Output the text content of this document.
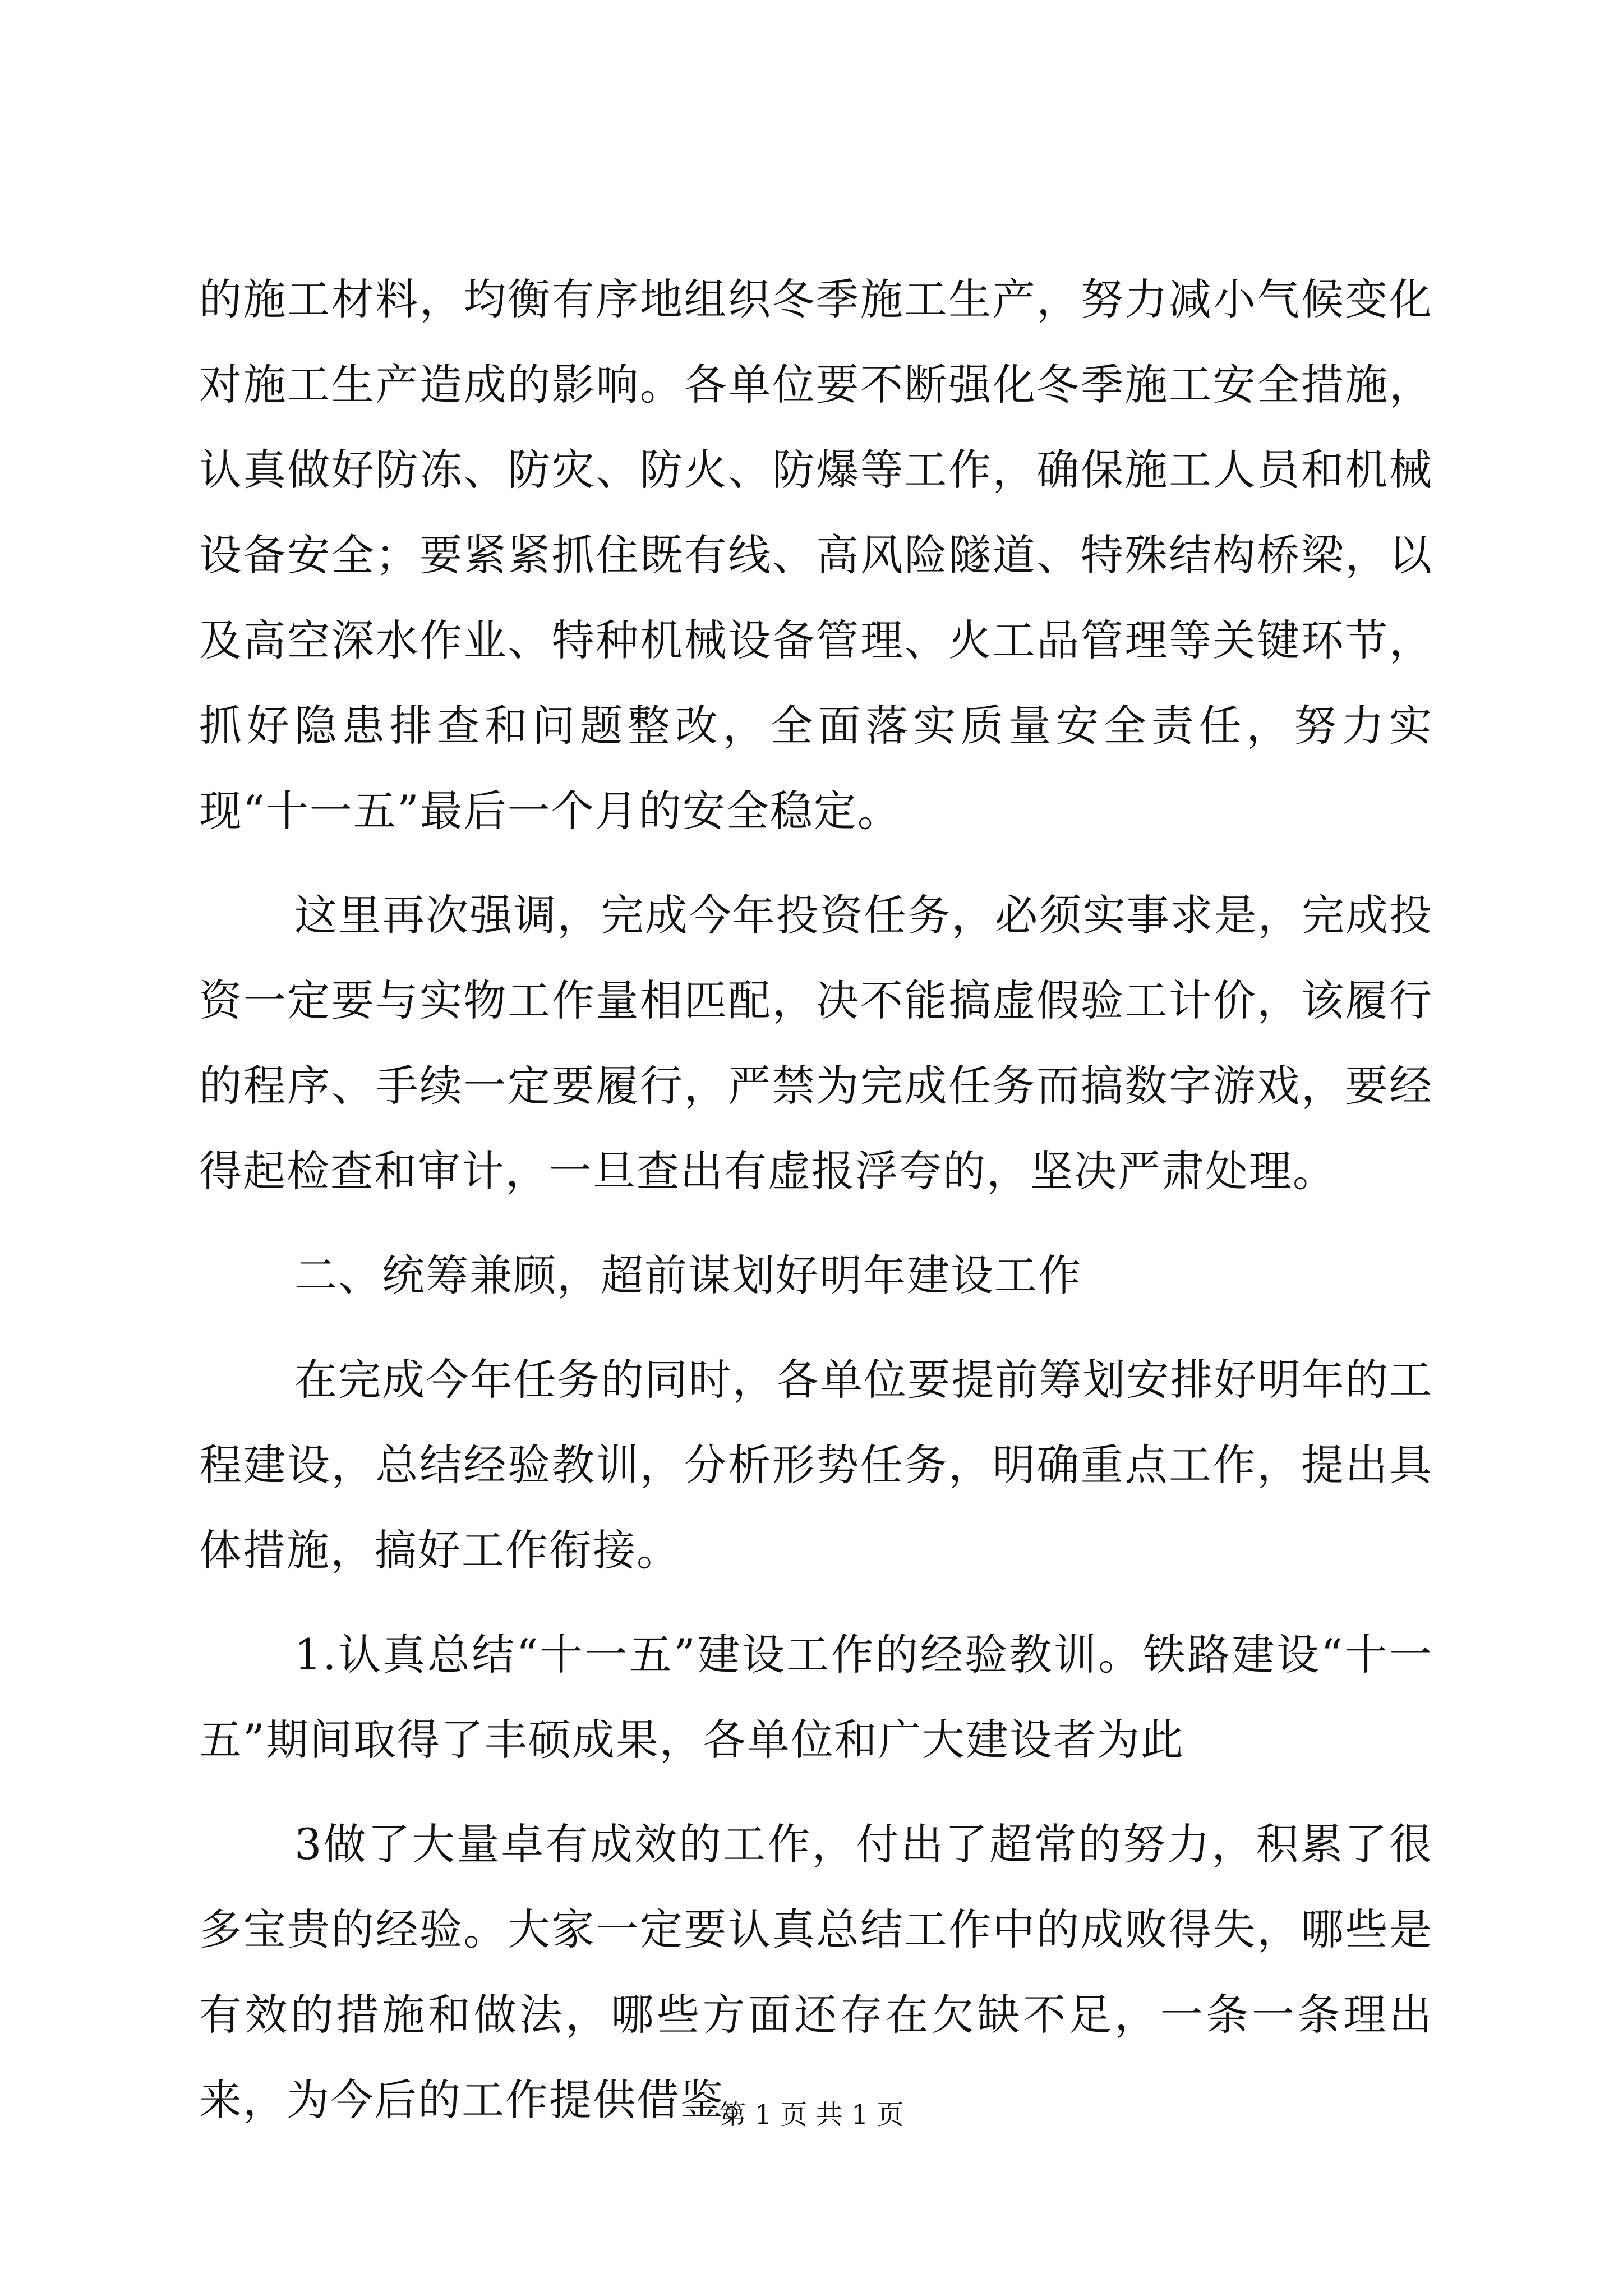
的施工材料，均衡有序地组织冬季施工生产，努力减小气候变化对施工生产造成的影响。各单位要不断强化冬季施工安全措施，认真做好防冻、防灾、防火、防爆等工作，确保施工人员和机械设备安全；要紧紧抓住既有线、高风险隧道、特殊结构桥梁，以及高空深水作业、特种机械设备管理、火工品管理等关键环节，抓好隐患排查和问题整改，全面落实质量安全责任，努力实现“十一五”最后一个月的安全稳定。

这里再次强调，完成今年投资任务，必须实事求是，完成投资一定要与实物工作量相匹配，决不能搞虚假验工计价，该履行的程序、手续一定要履行，严禁为完成任务而搞数字游戏，要经得起检查和审计，一旦查出有虚报浮夸的，坚决严肃处理。

二、统筹兼顾，超前谋划好明年建设工作

在完成今年任务的同时，各单位要提前筹划安排好明年的工程建设，总结经验教训，分析形势任务，明确重点工作，提出具体措施，搞好工作衔接。

1.认真总结“十一五”建设工作的经验教训。铁路建设“十一五”期间取得了丰硕成果，各单位和广大建设者为此

3做了大量卓有成效的工作，付出了超常的努力，积累了很多宝贵的经验。大家一定要认真总结工作中的成败得失，哪些是有效的措施和做法，哪些方面还存在欠缺不足，一条一条理出来，为今后的工作提供借鉴。

第 1 页 共 1 页
